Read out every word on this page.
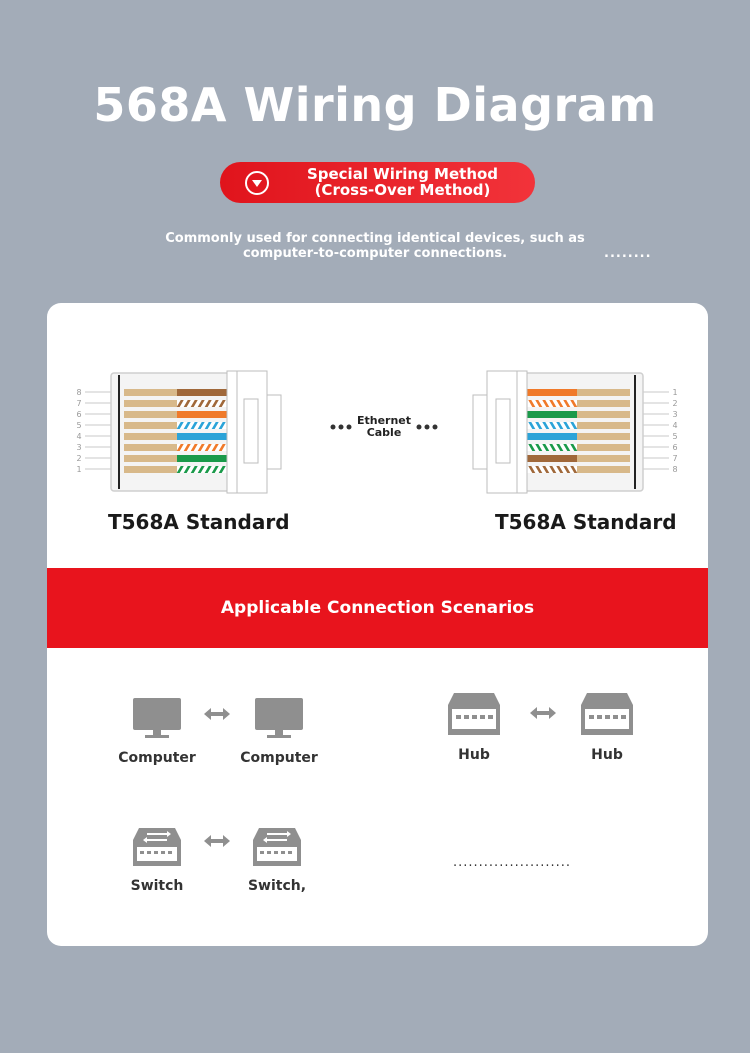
568A Wiring Diagram
Special Wiring Method
(Cross-Over Method)
Commonly used for connecting identical devices, such as
computer-to-computer connections.	........
8
7
6
5
4
3
2
1
T568A Standard
Ethernet
Cable
1
2
3
4
5
6
7
8
T568A Standard
Applicable Connection Scenarios
Computer	Computer	Hub	Hub
Switch	Switch,
.......................
